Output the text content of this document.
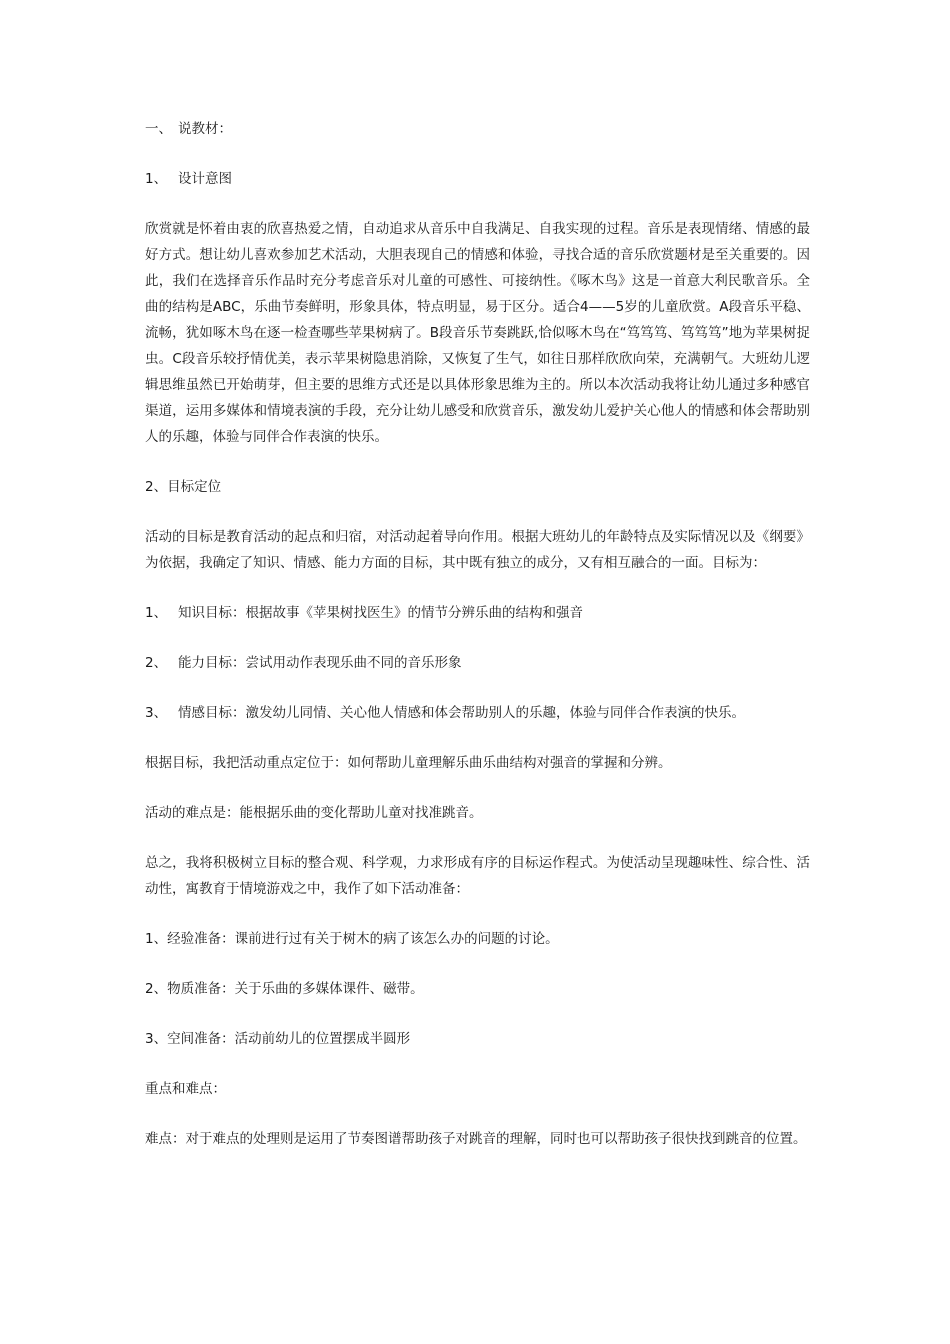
一、 说教材：

1、 设计意图

欣赏就是怀着由衷的欣喜热爱之情，自动追求从音乐中自我满足、自我实现的过程。音乐是表现情绪、情感的最好方式。想让幼儿喜欢参加艺术活动，大胆表现自己的情感和体验，寻找合适的音乐欣赏题材是至关重要的。因此，我们在选择音乐作品时充分考虑音乐对儿童的可感性、可接纳性。《啄木鸟》这是一首意大利民歌音乐。全曲的结构是ABC，乐曲节奏鲜明，形象具体，特点明显，易于区分。适合4——5岁的儿童欣赏。A段音乐平稳、流畅，犹如啄木鸟在逐一检查哪些苹果树病了。B段音乐节奏跳跃,恰似啄木鸟在“笃笃笃、笃笃笃”地为苹果树捉虫。C段音乐较抒情优美，表示苹果树隐患消除，又恢复了生气，如往日那样欣欣向荣，充满朝气。大班幼儿逻辑思维虽然已开始萌芽，但主要的思维方式还是以具体形象思维为主的。所以本次活动我将让幼儿通过多种感官渠道，运用多媒体和情境表演的手段，充分让幼儿感受和欣赏音乐，激发幼儿爱护关心他人的情感和体会帮助别人的乐趣，体验与同伴合作表演的快乐。

2、目标定位

活动的目标是教育活动的起点和归宿，对活动起着导向作用。根据大班幼儿的年龄特点及实际情况以及《纲要》为依据，我确定了知识、情感、能力方面的目标，其中既有独立的成分，又有相互融合的一面。目标为：

1、 知识目标：根据故事《苹果树找医生》的情节分辨乐曲的结构和强音

2、 能力目标：尝试用动作表现乐曲不同的音乐形象

3、 情感目标：激发幼儿同情、关心他人情感和体会帮助别人的乐趣，体验与同伴合作表演的快乐。

根据目标，我把活动重点定位于：如何帮助儿童理解乐曲乐曲结构对强音的掌握和分辨。

活动的难点是：能根据乐曲的变化帮助儿童对找准跳音。

总之，我将积极树立目标的整合观、科学观，力求形成有序的目标运作程式。为使活动呈现趣味性、综合性、活动性，寓教育于情境游戏之中，我作了如下活动准备：

1、经验准备：课前进行过有关于树木的病了该怎么办的问题的讨论。

2、物质准备：关于乐曲的多媒体课件、磁带。

3、空间准备：活动前幼儿的位置摆成半圆形

重点和难点：

难点：对于难点的处理则是运用了节奏图谱帮助孩子对跳音的理解，同时也可以帮助孩子很快找到跳音的位置。
